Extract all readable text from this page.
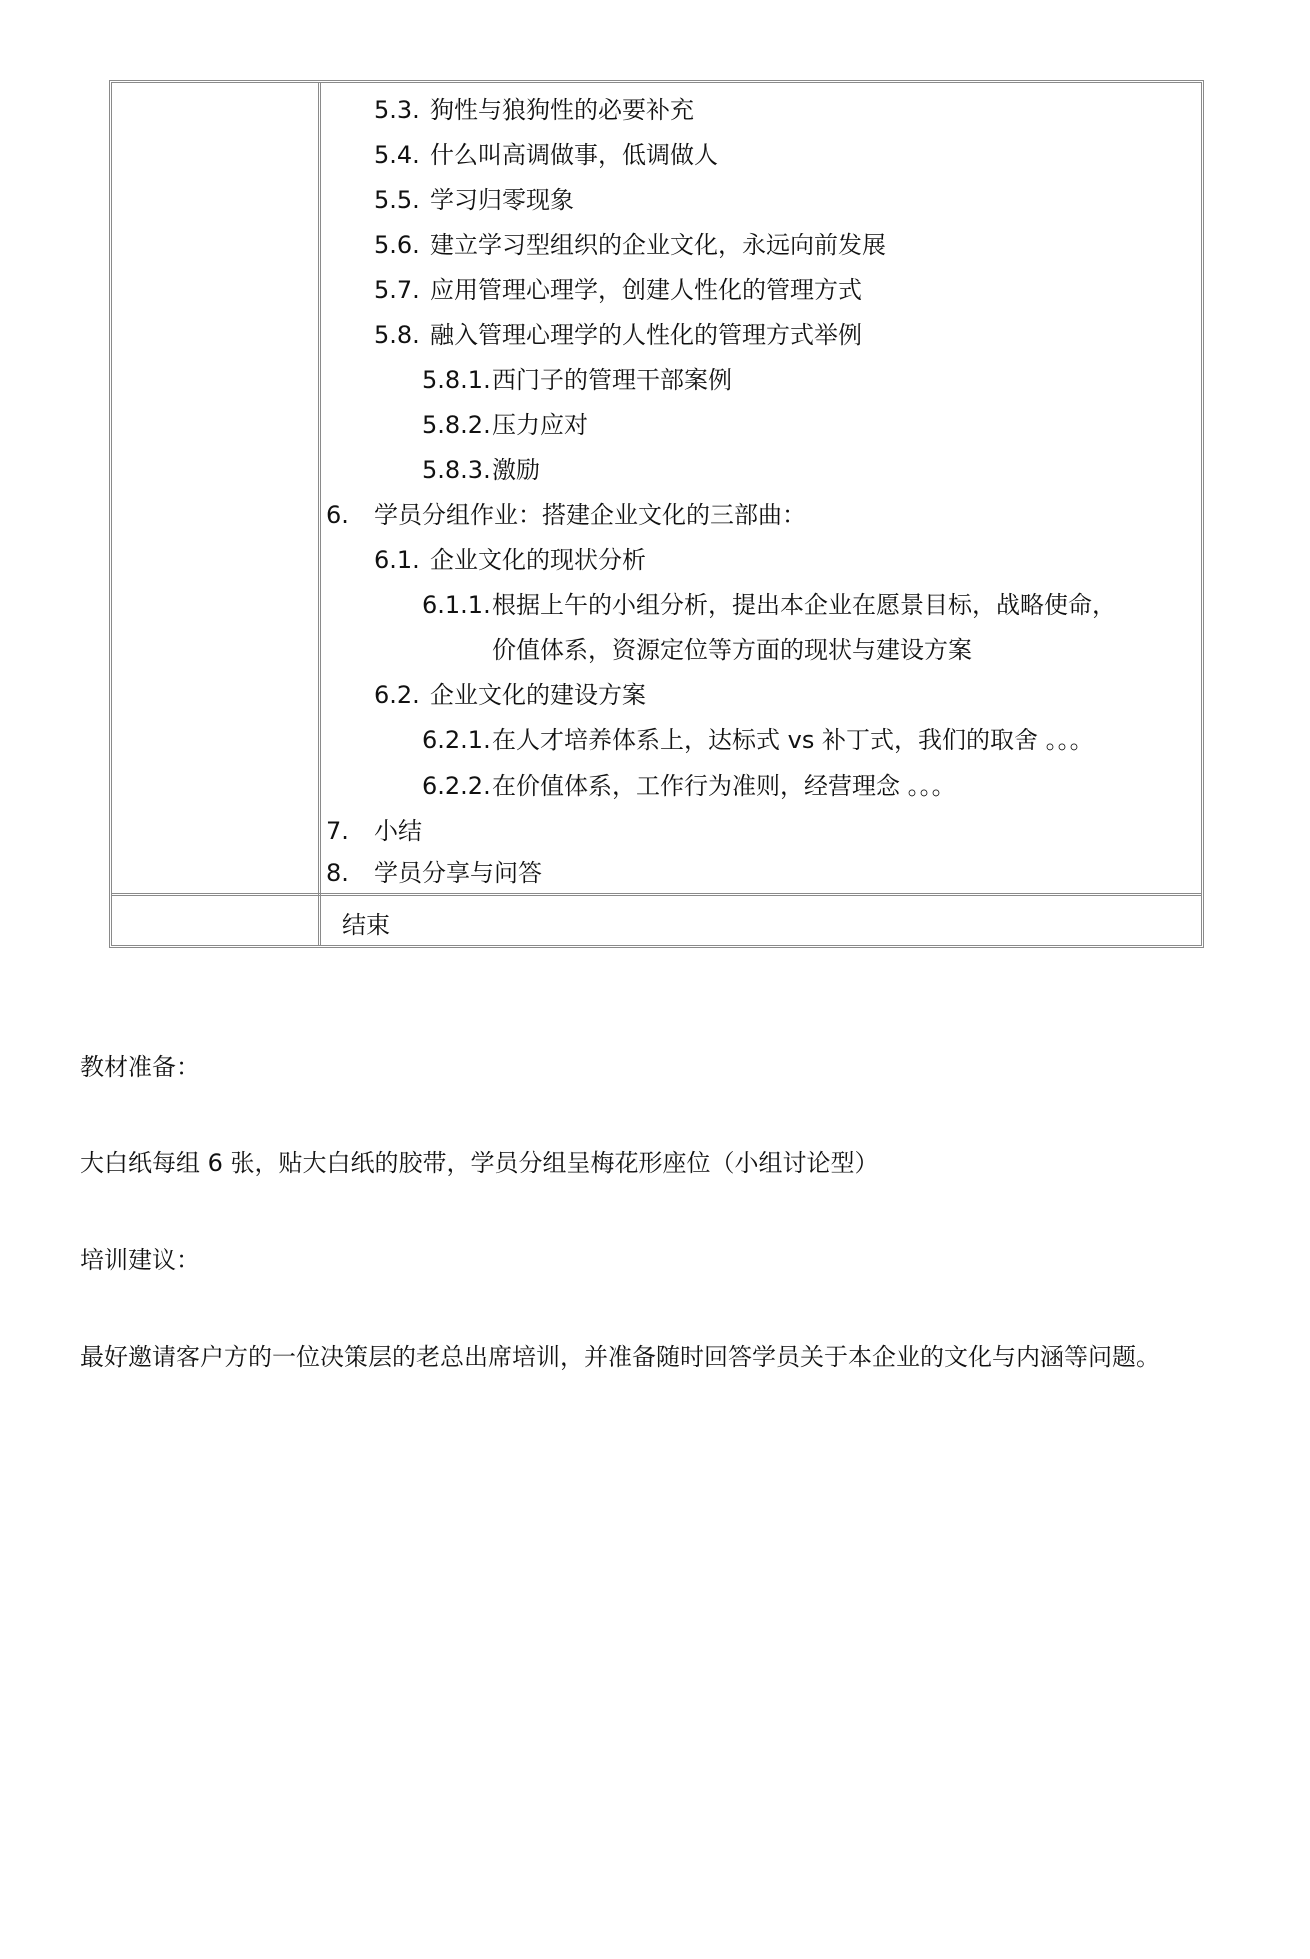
5.3. 狗性与狼狗性的必要补充
5.4. 什么叫高调做事，低调做人
5.5. 学习归零现象
5.6. 建立学习型组织的企业文化，永远向前发展
5.7. 应用管理心理学，创建人性化的管理方式
5.8. 融入管理心理学的人性化的管理方式举例
5.8.1. 西门子的管理干部案例
5.8.2. 压力应对
5.8.3. 激励
6. 学员分组作业：搭建企业文化的三部曲：
6.1. 企业文化的现状分析
6.1.1. 根据上午的小组分析，提出本企业在愿景目标，战略使命，
价值体系，资源定位等方面的现状与建设方案
6.2. 企业文化的建设方案
6.2.1. 在人才培养体系上，达标式 vs 补丁式，我们的取舍 。。。
6.2.2. 在价值体系，工作行为准则，经营理念 。。。
7. 小结
8. 学员分享与问答
结束
教材准备：
大白纸每组 6 张，贴大白纸的胶带，学员分组呈梅花形座位（小组讨论型）
培训建议：
最好邀请客户方的一位决策层的老总出席培训，并准备随时回答学员关于本企业的文化与内涵等问题。
